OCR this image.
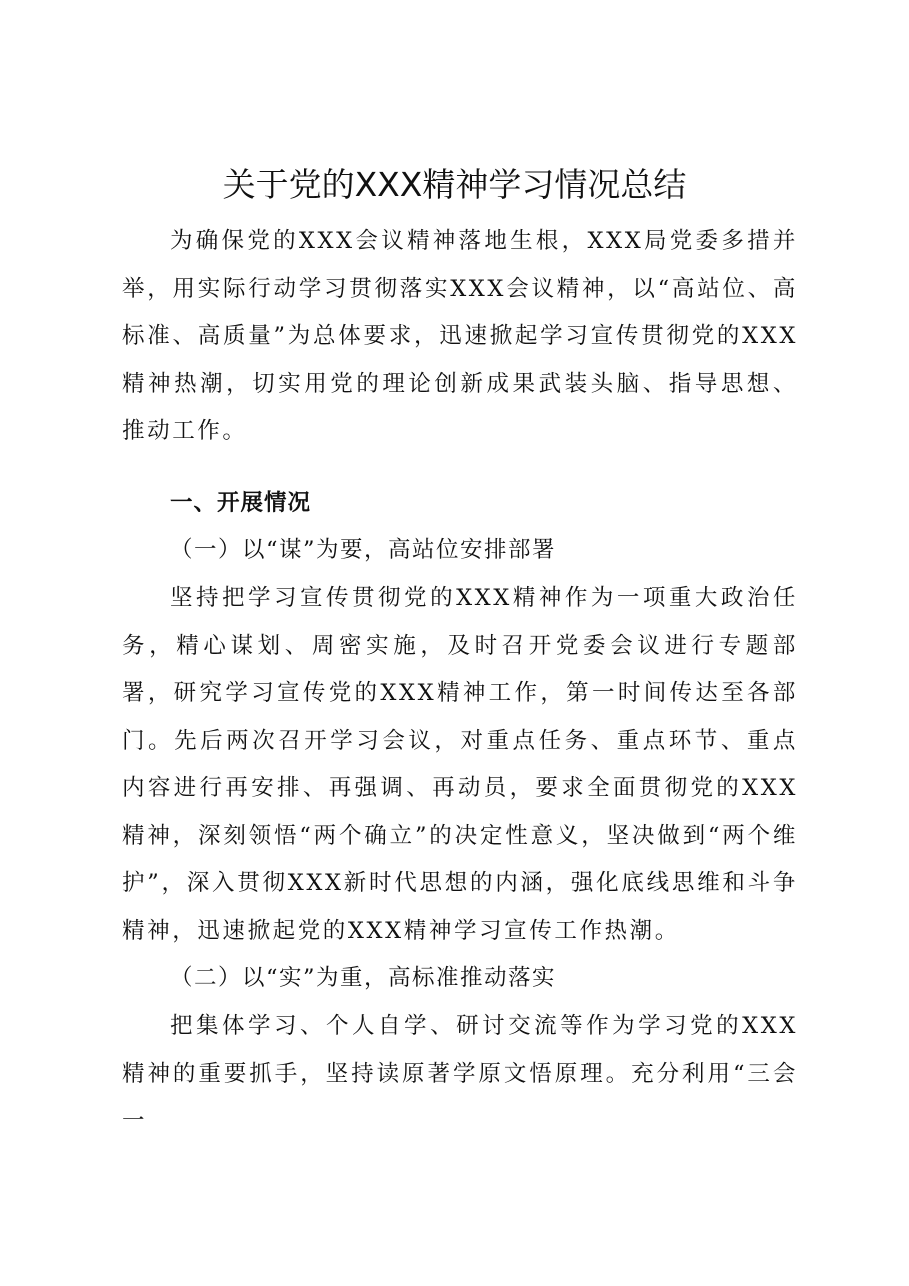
关于党的XXX精神学习情况总结

为确保党的XXX会议精神落地生根，XXX局党委多措并举，用实际行动学习贯彻落实XXX会议精神，以“高站位、高标准、高质量”为总体要求，迅速掀起学习宣传贯彻党的XXX精神热潮，切实用党的理论创新成果武装头脑、指导思想、推动工作。

一、开展情况

（一）以“谋”为要，高站位安排部署

坚持把学习宣传贯彻党的XXX精神作为一项重大政治任务，精心谋划、周密实施，及时召开党委会议进行专题部署，研究学习宣传党的XXX精神工作，第一时间传达至各部门。先后两次召开学习会议，对重点任务、重点环节、重点内容进行再安排、再强调、再动员，要求全面贯彻党的XXX精神，深刻领悟“两个确立”的决定性意义，坚决做到“两个维护”，深入贯彻XXX新时代思想的内涵，强化底线思维和斗争精神，迅速掀起党的XXX精神学习宣传工作热潮。

（二）以“实”为重，高标准推动落实

把集体学习、个人自学、研讨交流等作为学习党的XXX精神的重要抓手，坚持读原著学原文悟原理。充分利用“三会一
